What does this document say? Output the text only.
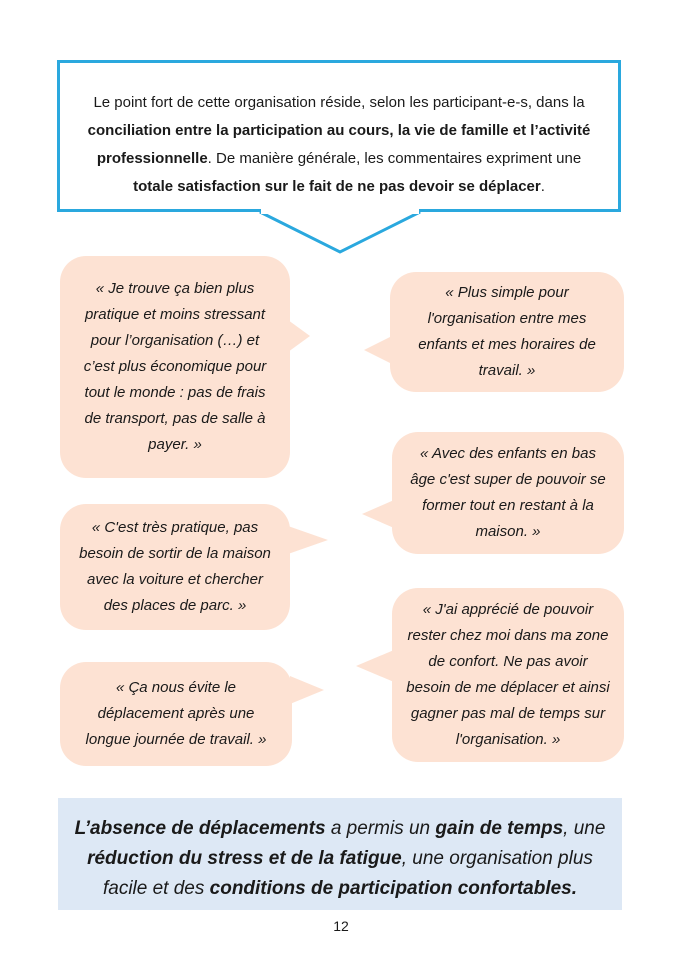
Le point fort de cette organisation réside, selon les participant-e-s, dans la
conciliation entre la participation au cours, la vie de famille et l’activité
professionnelle. De manière générale, les commentaires expriment une
totale satisfaction sur le fait de ne pas devoir se déplacer.
« Je trouve ça bien plus pratique et moins stressant pour l’organisation (…) et c’est plus économique pour tout le monde : pas de frais de transport, pas de salle à payer. »
« C'est très pratique, pas besoin de sortir de la maison avec la voiture et chercher des places de parc. »
« Ça nous évite le déplacement après une longue journée de travail. »
« Plus simple pour l'organisation entre mes enfants et mes horaires de travail. »
« Avec des enfants en bas âge c'est super de pouvoir se former tout en restant à la maison. »
« J'ai apprécié de pouvoir rester chez moi dans ma zone de confort. Ne pas avoir besoin de me déplacer et ainsi gagner pas mal de temps sur l'organisation. »
L’absence de déplacements a permis un gain de temps, une réduction du stress et de la fatigue, une organisation plus facile et des conditions de participation confortables.
12
